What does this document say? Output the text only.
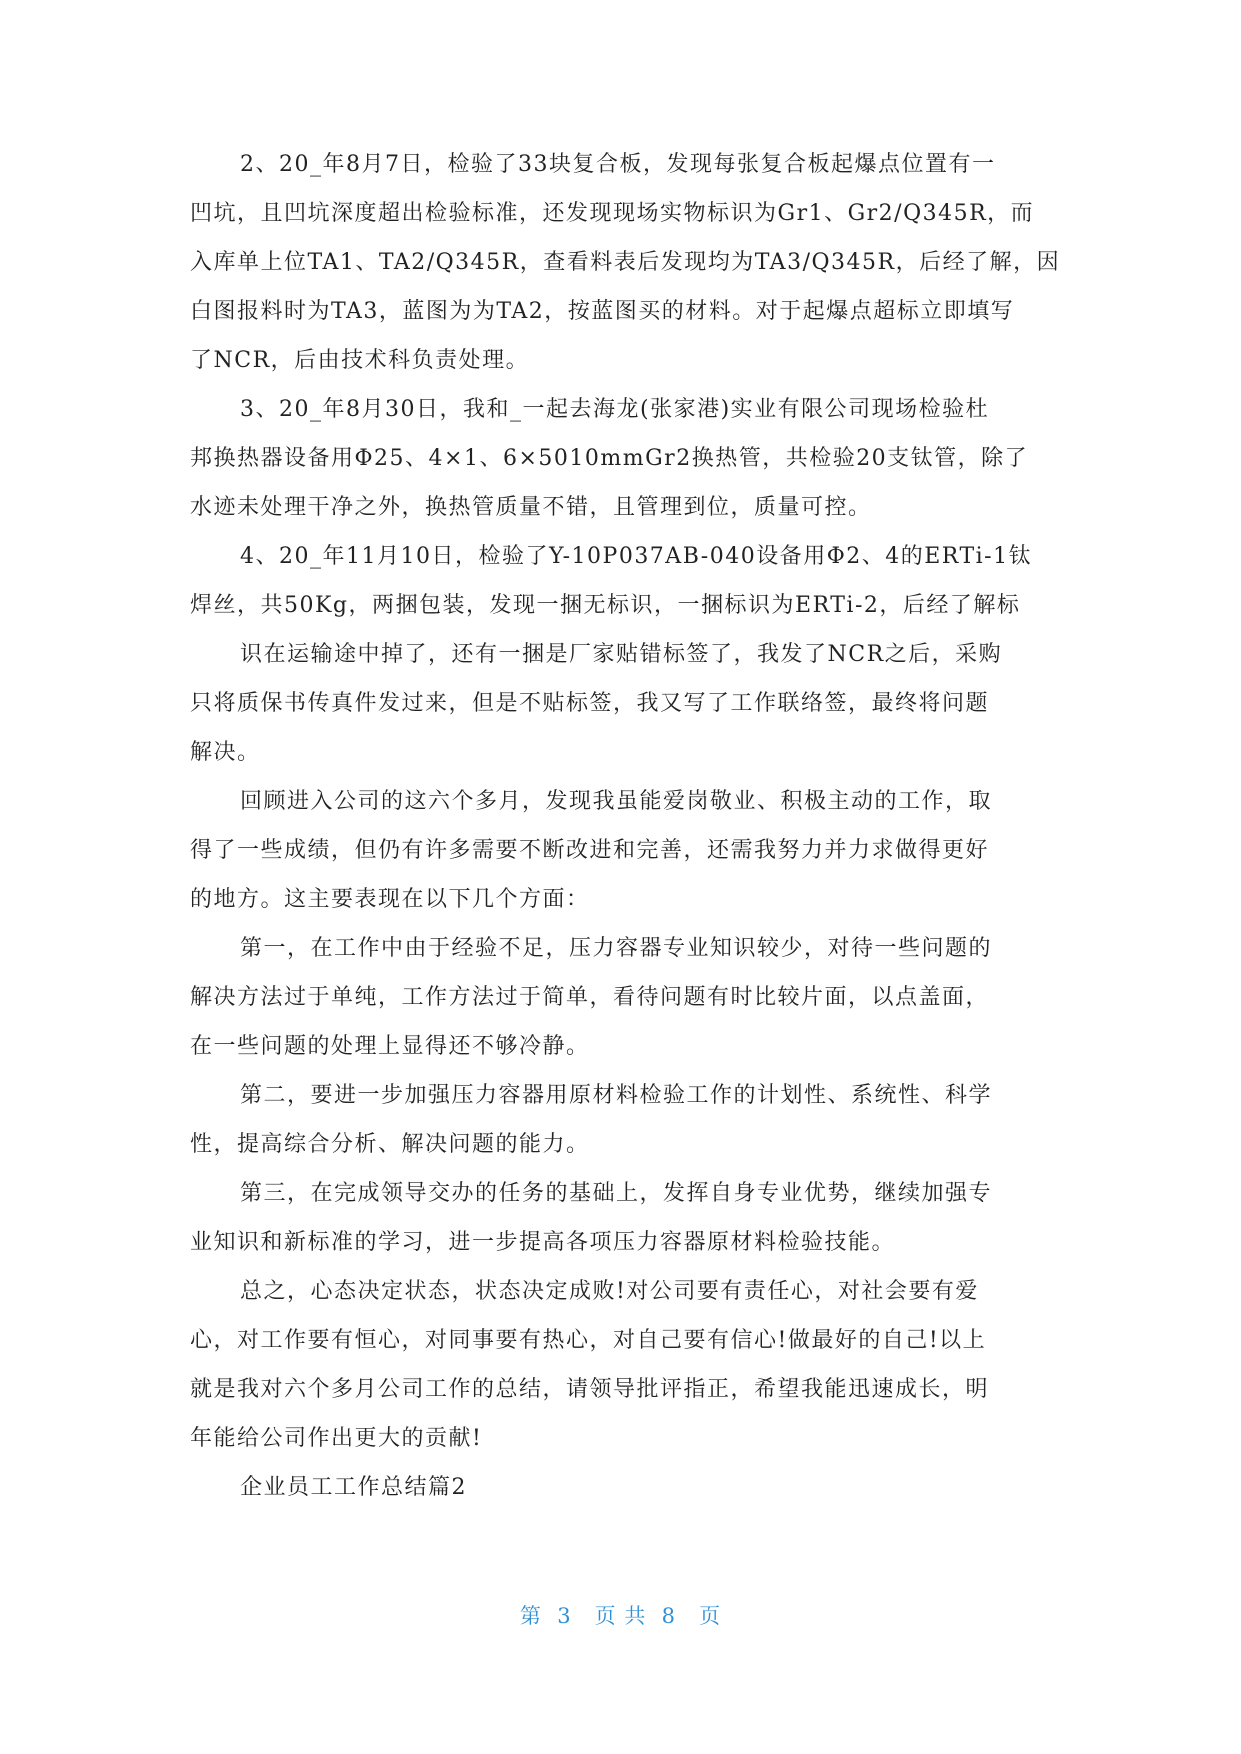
2、20_年8月7日，检验了33块复合板，发现每张复合板起爆点位置有一
凹坑，且凹坑深度超出检验标准，还发现现场实物标识为Gr1、Gr2/Q345R，而
入库单上位TA1、TA2/Q345R，查看料表后发现均为TA3/Q345R，后经了解，因
白图报料时为TA3，蓝图为为TA2，按蓝图买的材料。对于起爆点超标立即填写
了NCR，后由技术科负责处理。
3、20_年8月30日，我和_一起去海龙(张家港)实业有限公司现场检验杜
邦换热器设备用Φ25、4×1、6×5010mmGr2换热管，共检验20支钛管，除了
水迹未处理干净之外，换热管质量不错，且管理到位，质量可控。
4、20_年11月10日，检验了Y-10P037AB-040设备用Φ2、4的ERTi-1钛
焊丝，共50Kg，两捆包装，发现一捆无标识，一捆标识为ERTi-2，后经了解标
识在运输途中掉了，还有一捆是厂家贴错标签了，我发了NCR之后，采购
只将质保书传真件发过来，但是不贴标签，我又写了工作联络签，最终将问题
解决。
回顾进入公司的这六个多月，发现我虽能爱岗敬业、积极主动的工作，取
得了一些成绩，但仍有许多需要不断改进和完善，还需我努力并力求做得更好
的地方。这主要表现在以下几个方面：
第一，在工作中由于经验不足，压力容器专业知识较少，对待一些问题的
解决方法过于单纯，工作方法过于简单，看待问题有时比较片面，以点盖面，
在一些问题的处理上显得还不够冷静。
第二，要进一步加强压力容器用原材料检验工作的计划性、系统性、科学
性，提高综合分析、解决问题的能力。
第三，在完成领导交办的任务的基础上，发挥自身专业优势，继续加强专
业知识和新标准的学习，进一步提高各项压力容器原材料检验技能。
总之，心态决定状态，状态决定成败!对公司要有责任心，对社会要有爱
心，对工作要有恒心，对同事要有热心，对自己要有信心!做最好的自己!以上
就是我对六个多月公司工作的总结，请领导批评指正，希望我能迅速成长，明
年能给公司作出更大的贡献!
企业员工工作总结篇2
第  3   页 共  8   页
